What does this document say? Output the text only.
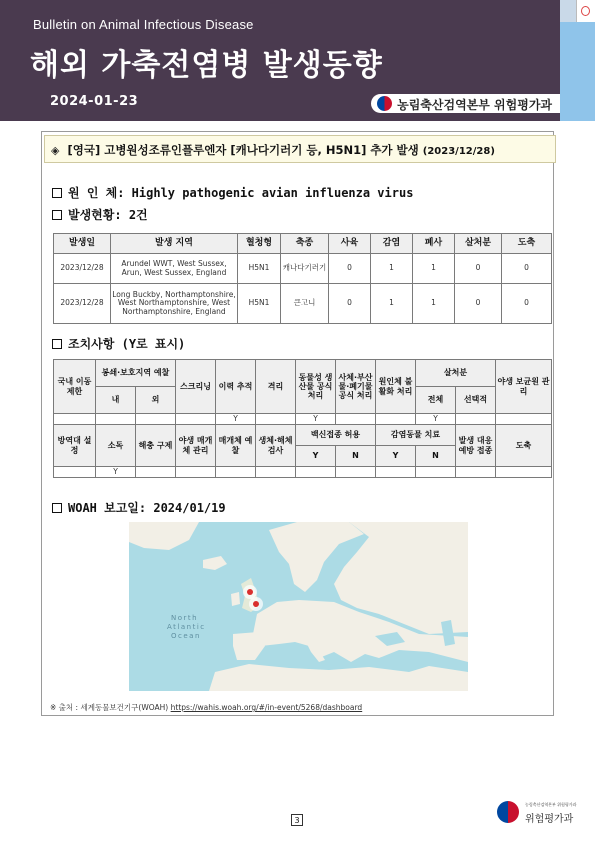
Bulletin on Animal Infectious Disease
해외 가축전염병 발생동향
2024-01-23	농림축산검역본부 위험평가과
◈ [영국] 고병원성조류인플루엔자 [캐나다기러기 등, H5N1] 추가 발생 (2023/12/28)
원 인 체: Highly pathogenic avian influenza virus
발생현황: 2건
발생일	발생 지역	혈청형	축종	사육	감염	폐사	살처분	도축
2023/12/28	Arundel WWT, West Sussex, Arun, West Sussex, England	H5N1	캐나다기러기	0	1	1	0	0
2023/12/28	Long Buckby, Northamptonshire, West Northamptonshire, West Northamptonshire, England	H5N1	큰고니	0	1	1	0	0
조치사항 (Y로 표시)
국내 이동 제한	봉쇄·보호지역 예찰		스크리닝	이력 추적	격리	동물성 생산물 공식 처리	사체·부산물·폐기물 공식 처리	원인체 불활화 처리	살처분		야생 보균원 관리
	내	외							전체	선택적	
				Y		Y			Y		
방역대 설정	소독	해충 구제	야생 매개체 관리	매개체 예찰	생체·해체 검사	백신접종 허용		감염동물 치료		발생 대응 예방 접종	도축
						Y	N	Y	N		
	Y										
WOAH 보고일: 2024/01/19
North
Atlantic
Ocean
※ 출처 : 세계동물보건기구(WOAH) https://wahis.woah.org/#/in-event/5268/dashboard
3
농림축산검역본부 위험평가과
위험평가과
